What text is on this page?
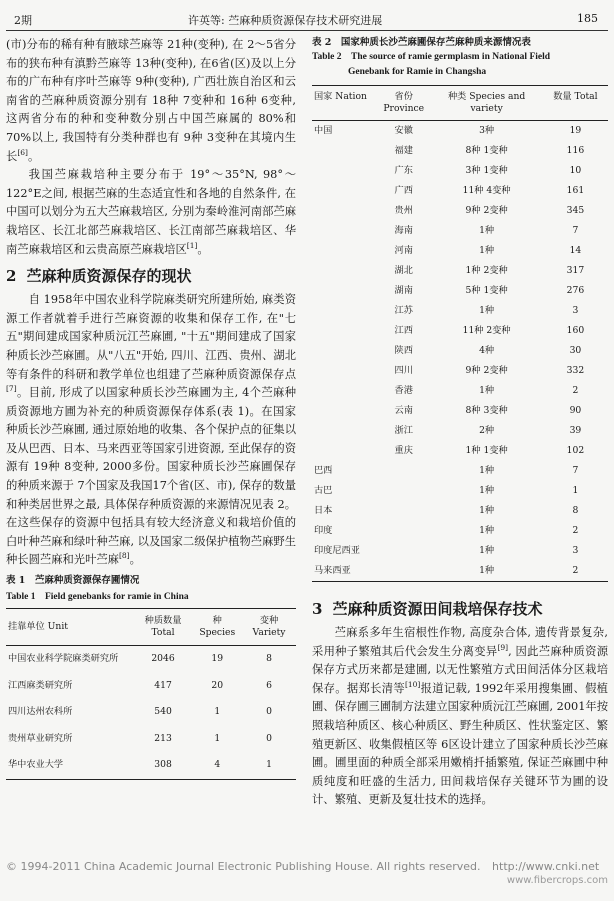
2期	许英等: 苎麻种质资源保存技术研究进展	185

(市)分布的稀有种有腋球苎麻等 21种(变种), 在 2～5省分布的狭布种有滇黔苎麻等 13种(变种), 在6省(区)及以上分布的广布种有序叶苎麻等 9种(变种), 广西壮族自治区和云南省的苎麻种质资源分别有 18种 7变种和 16种 6变种, 这两省分布的种和变种数分别占中国苎麻属的 80%和 70%以上, 我国特有分类种群也有 9种 3变种在其境内生长[6]。

我国苎麻栽培种主要分布于 19°～35°N, 98°～122°E之间, 根据苎麻的生态适宜性和各地的自然条件, 在中国可以划分为五大苎麻栽培区, 分别为秦岭淮河南部苎麻栽培区、长江北部苎麻栽培区、长江南部苎麻栽培区、华南苎麻栽培区和云贵高原苎麻栽培区[1]。

2 苎麻种质资源保存的现状

自 1958年中国农业科学院麻类研究所建所始, 麻类资源工作者就着手进行苎麻资源的收集和保存工作, 在"七五"期间建成国家种质沅江苎麻圃, "十五"期间建成了国家种质长沙苎麻圃。从"八五"开始, 四川、江西、贵州、湖北等有条件的科研和教学单位也组建了苎麻种质资源保存点[7]。目前, 形成了以国家种质长沙苎麻圃为主, 4个苎麻种质资源地方圃为补充的种质资源保存体系(表 1)。在国家种质长沙苎麻圃, 通过原始地的收集、各个保护点的征集以及从巴西、日本、马来西亚等国家引进资源, 至此保存的资源有 19种 8变种, 2000多份。国家种质长沙苎麻圃保存的种质来源于 7个国家及我国17个省(区、市), 保存的数量和种类居世界之最, 具体保存种质资源的来源情况见表 2。在这些保存的资源中包括具有较大经济意义和栽培价值的白叶种苎麻和绿叶种苎麻, 以及国家二级保护植物苎麻野生种长圆苎麻和光叶苎麻[8]。

表 1　苎麻种质资源保存圃情况
Table 1　Field genebanks for ramie in China
挂靠单位 Unit	种质数量 Total	种 Species	变种 Variety
中国农业科学院麻类研究所	2046	19	8
江西麻类研究所	417	20	6
四川达州农科所	540	1	0
贵州草业研究所	213	1	0
华中农业大学	308	4	1
表 2　国家种质长沙苎麻圃保存苎麻种质来源情况表
Table 2　The source of ramie germplasm in National Field
Genebank for Ramie in Changsha
国家 Nation	省份 Province	种类 Species and variety	数量 Total
中国	安徽	3种	19
	福建	8种 1变种	116
	广东	3种 1变种	10
	广西	11种 4变种	161
	贵州	9种 2变种	345
	海南	1种	7
	河南	1种	14
	湖北	1种 2变种	317
	湖南	5种 1变种	276
	江苏	1种	3
	江西	11种 2变种	160
	陕西	4种	30
	四川	9种 2变种	332
	香港	1种	2
	云南	8种 3变种	90
	浙江	2种	39
	重庆	1种 1变种	102
巴西		1种	7
古巴		1种	1
日本		1种	8
印度		1种	2
印度尼西亚		1种	3
马来西亚		1种	2
3 苎麻种质资源田间栽培保存技术

苎麻系多年生宿根性作物, 高度杂合体, 遗传背景复杂, 采用种子繁殖其后代会发生分离变异[9], 因此苎麻种质资源保存方式历来都是建圃, 以无性繁殖方式田间活体分区栽培保存。据郑长清等[10]报道记载, 1992年采用搜集圃、假植圃、保存圃三圃制方法建立国家种质沅江苎麻圃, 2001年按照栽培种质区、核心种质区、野生种质区、性状鉴定区、繁殖更新区、收集假植区等 6区设计建立了国家种质长沙苎麻圃。圃里面的种质全部采用嫩梢扦插繁殖, 保证苎麻圃中种质纯度和旺盛的生活力, 田间栽培保存关键环节为圃的设计、繁殖、更新及复壮技术的选择。

© 1994-2011 China Academic Journal Electronic Publishing House. All rights reserved. http://www.cnki.net
www.fibercrops.com
